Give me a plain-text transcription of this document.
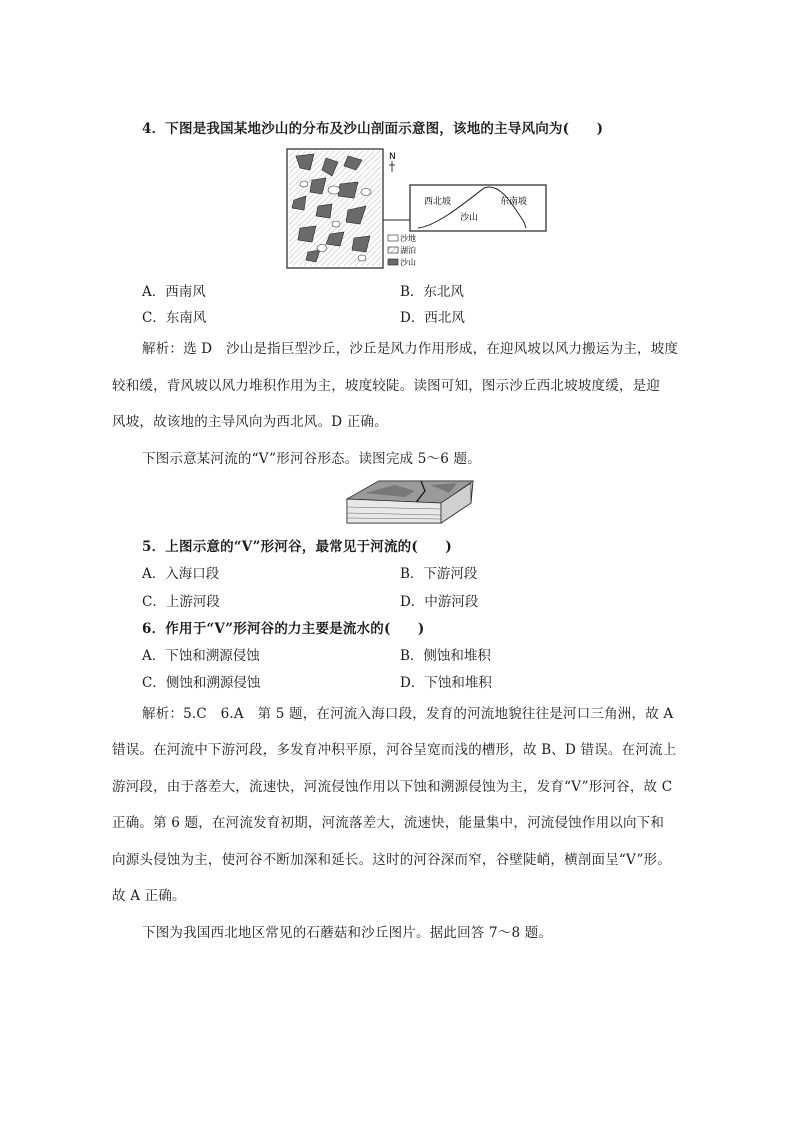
4．下图是我国某地沙山的分布及沙山剖面示意图，该地的主导风向为(　　)
N
西北坡	东南坡
沙山
沙地
湖泊
沙山
A．西南风	B．东北风
C．东南风	D．西北风
解析：选 D　沙山是指巨型沙丘，沙丘是风力作用形成，在迎风坡以风力搬运为主，坡度
较和缓，背风坡以风力堆积作用为主，坡度较陡。读图可知，图示沙丘西北坡坡度缓，是迎
风坡，故该地的主导风向为西北风。D 正确。
下图示意某河流的“V”形河谷形态。读图完成 5～6 题。
5．上图示意的“V”形河谷，最常见于河流的(　　)
A．入海口段	B．下游河段
C．上游河段	D．中游河段
6．作用于“V”形河谷的力主要是流水的(　　)
A．下蚀和溯源侵蚀	B．侧蚀和堆积
C．侧蚀和溯源侵蚀	D．下蚀和堆积
解析：5.C　6.A　第 5 题，在河流入海口段，发育的河流地貌往往是河口三角洲，故 A
错误。在河流中下游河段，多发育冲积平原，河谷呈宽而浅的槽形，故 B、D 错误。在河流上
游河段，由于落差大，流速快，河流侵蚀作用以下蚀和溯源侵蚀为主，发育“V”形河谷，故 C
正确。第 6 题，在河流发育初期，河流落差大，流速快，能量集中，河流侵蚀作用以向下和
向源头侵蚀为主，使河谷不断加深和延长。这时的河谷深而窄，谷壁陡峭，横剖面呈“V”形。
故 A 正确。
下图为我国西北地区常见的石蘑菇和沙丘图片。据此回答 7～8 题。
